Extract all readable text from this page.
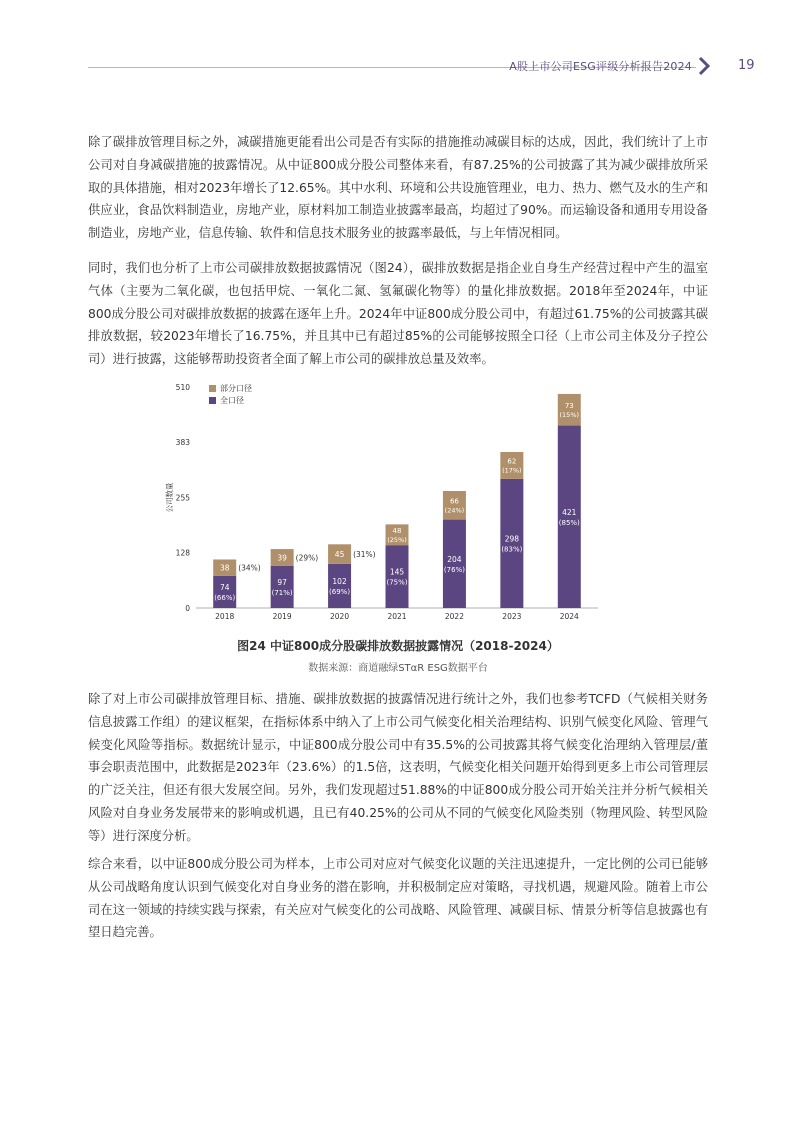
A股上市公司ESG评级分析报告2024	19

除了碳排放管理目标之外，减碳措施更能看出公司是否有实际的措施推动减碳目标的达成，因此，我们统计了上市公司对自身减碳措施的披露情况。从中证800成分股公司整体来看，有87.25%的公司披露了其为减少碳排放所采取的具体措施，相对2023年增长了12.65%。其中水利、环境和公共设施管理业，电力、热力、燃气及水的生产和供应业，食品饮料制造业，房地产业，原材料加工制造业披露率最高，均超过了90%。而运输设备和通用专用设备制造业，房地产业，信息传输、软件和信息技术服务业的披露率最低，与上年情况相同。

同时，我们也分析了上市公司碳排放数据披露情况（图24），碳排放数据是指企业自身生产经营过程中产生的温室气体（主要为二氧化碳，也包括甲烷、一氧化二氮、氢氟碳化物等）的量化排放数据。2018年至2024年，中证800成分股公司对碳排放数据的披露在逐年上升。2024年中证800成分股公司中，有超过61.75%的公司披露其碳排放数据，较2023年增长了16.75%，并且其中已有超过85%的公司能够按照全口径（上市公司主体及分子控公司）进行披露，这能够帮助投资者全面了解上市公司的碳排放总量及效率。

0
128
255
383
510
公司数量
74
(66%)
38 (34%)
2018
97
(71%)
39 (29%)
2019
102
(69%)
45 (31%)
2020
145
(75%)
48
(25%)
2021
204
(76%)
66
(24%)
2022
298
(83%)
62
(17%)
2023
421
(85%)
73
(15%)
2024
部分口径
全口径

图24 中证800成分股碳排放数据披露情况（2018-2024）

数据来源：商道融绿STαR ESG数据平台

除了对上市公司碳排放管理目标、措施、碳排放数据的披露情况进行统计之外，我们也参考TCFD（气候相关财务信息披露工作组）的建议框架，在指标体系中纳入了上市公司气候变化相关治理结构、识别气候变化风险、管理气候变化风险等指标。数据统计显示，中证800成分股公司中有35.5%的公司披露其将气候变化治理纳入管理层/董事会职责范围中，此数据是2023年（23.6%）的1.5倍，这表明，气候变化相关问题开始得到更多上市公司管理层的广泛关注，但还有很大发展空间。另外，我们发现超过51.88%的中证800成分股公司开始关注并分析气候相关风险对自身业务发展带来的影响或机遇，且已有40.25%的公司从不同的气候变化风险类别（物理风险、转型风险等）进行深度分析。

综合来看，以中证800成分股公司为样本，上市公司对应对气候变化议题的关注迅速提升，一定比例的公司已能够从公司战略角度认识到气候变化对自身业务的潜在影响，并积极制定应对策略，寻找机遇，规避风险。随着上市公司在这一领域的持续实践与探索，有关应对气候变化的公司战略、风险管理、减碳目标、情景分析等信息披露也有望日趋完善。
